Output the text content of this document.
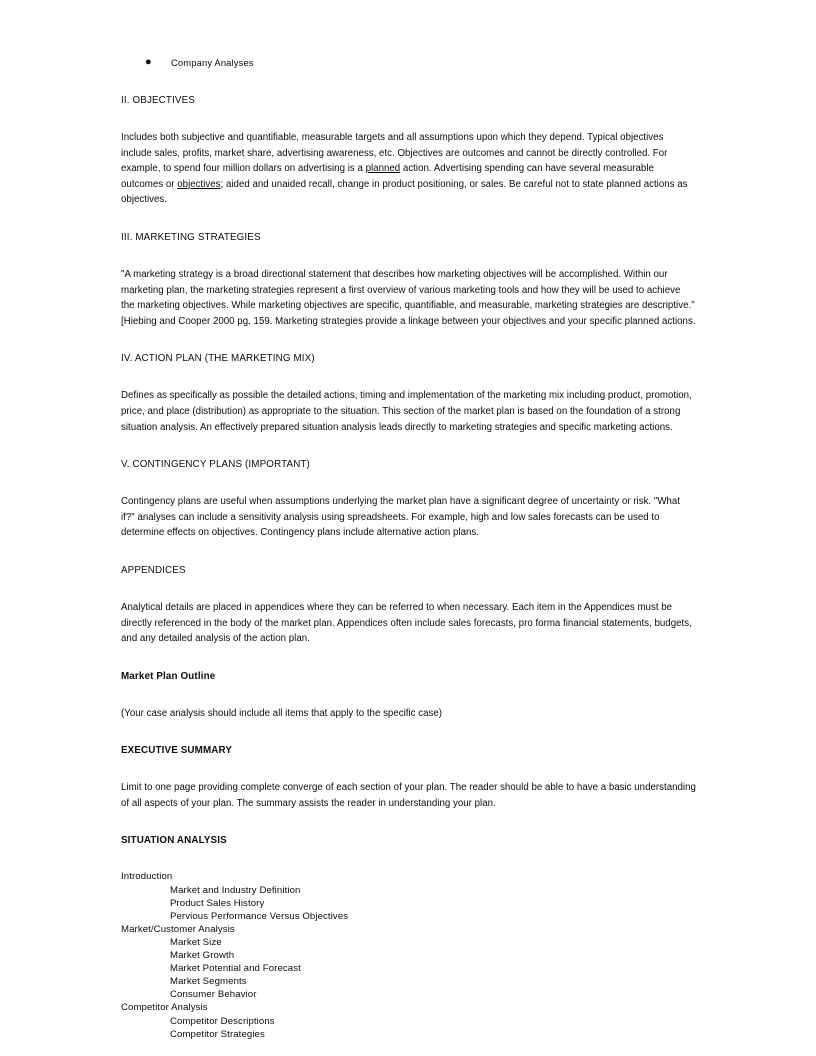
●	Company Analyses
II. OBJECTIVES

Includes both subjective and quantifiable, measurable targets and all assumptions upon which they depend. Typical objectives include sales, profits, market share, advertising awareness, etc. Objectives are outcomes and cannot be directly controlled. For example, to spend four million dollars on advertising is a planned action. Advertising spending can have several measurable outcomes or objectives; aided and unaided recall, change in product positioning, or sales. Be careful not to state planned actions as objectives.

III. MARKETING STRATEGIES

"A marketing strategy is a broad directional statement that describes how marketing objectives will be accomplished. Within our marketing plan, the marketing strategies represent a first overview of various marketing tools and how they will be used to achieve the marketing objectives. While marketing objectives are specific, quantifiable, and measurable, marketing strategies are descriptive." [Hiebing and Cooper 2000 pg. 159. Marketing strategies provide a linkage between your objectives and your specific planned actions.

IV. ACTION PLAN (THE MARKETING MIX)

Defines as specifically as possible the detailed actions, timing and implementation of the marketing mix including product, promotion, price, and place (distribution) as appropriate to the situation. This section of the market plan is based on the foundation of a strong situation analysis. An effectively prepared situation analysis leads directly to marketing strategies and specific marketing actions.

V. CONTINGENCY PLANS (IMPORTANT)

Contingency plans are useful when assumptions underlying the market plan have a significant degree of uncertainty or risk. "What if?" analyses can include a sensitivity analysis using spreadsheets. For example, high and low sales forecasts can be used to determine effects on objectives. Contingency plans include alternative action plans.

APPENDICES

Analytical details are placed in appendices where they can be referred to when necessary. Each item in the Appendices must be directly referenced in the body of the market plan. Appendices often include sales forecasts, pro forma financial statements, budgets, and any detailed analysis of the action plan.

Market Plan Outline

(Your case analysis should include all items that apply to the specific case)

EXECUTIVE SUMMARY

Limit to one page providing complete converge of each section of your plan. The reader should be able to have a basic understanding of all aspects of your plan. The summary assists the reader in understanding your plan.

SITUATION ANALYSIS
Introduction
Market and Industry Definition
Product Sales History
Pervious Performance Versus Objectives
Market/Customer Analysis
Market Size
Market Growth
Market Potential and Forecast
Market Segments
Consumer Behavior
Competitor Analysis
Competitor Descriptions
Competitor Strategies
